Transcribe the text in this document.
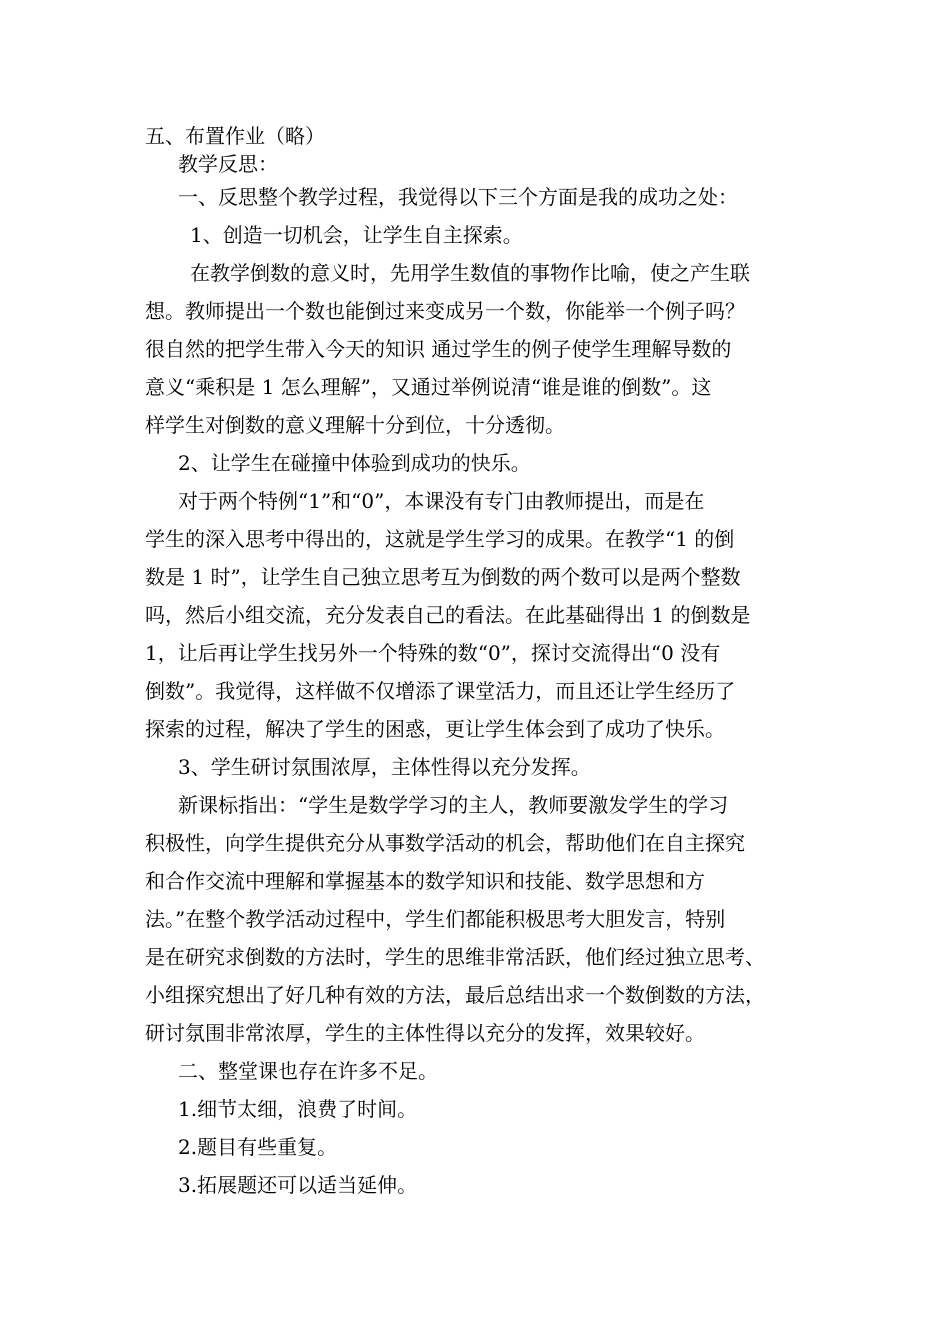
五、布置作业（略）
教学反思：
一、反思整个教学过程，我觉得以下三个方面是我的成功之处：
1、创造一切机会，让学生自主探索。
在教学倒数的意义时，先用学生数值的事物作比喻，使之产生联
想。教师提出一个数也能倒过来变成另一个数，你能举一个例子吗？
很自然的把学生带入今天的知识 通过学生的例子使学生理解导数的
意义“乘积是 1 怎么理解”，又通过举例说清“谁是谁的倒数”。这
样学生对倒数的意义理解十分到位，十分透彻。
2、让学生在碰撞中体验到成功的快乐。
对于两个特例“1”和“0”，本课没有专门由教师提出，而是在
学生的深入思考中得出的，这就是学生学习的成果。在教学“1 的倒
数是 1 时”，让学生自己独立思考互为倒数的两个数可以是两个整数
吗，然后小组交流，充分发表自己的看法。在此基础得出 1 的倒数是
1，让后再让学生找另外一个特殊的数“0”，探讨交流得出“0 没有
倒数”。我觉得，这样做不仅增添了课堂活力，而且还让学生经历了
探索的过程，解决了学生的困惑，更让学生体会到了成功了快乐。
3、学生研讨氛围浓厚，主体性得以充分发挥。
新课标指出：“学生是数学学习的主人，教师要激发学生的学习
积极性，向学生提供充分从事数学活动的机会，帮助他们在自主探究
和合作交流中理解和掌握基本的数学知识和技能、数学思想和方
法。”在整个教学活动过程中，学生们都能积极思考大胆发言，特别
是在研究求倒数的方法时，学生的思维非常活跃，他们经过独立思考、
小组探究想出了好几种有效的方法，最后总结出求一个数倒数的方法，
研讨氛围非常浓厚，学生的主体性得以充分的发挥，效果较好。
二、整堂课也存在许多不足。
1.细节太细，浪费了时间。
2.题目有些重复。
3.拓展题还可以适当延伸。
